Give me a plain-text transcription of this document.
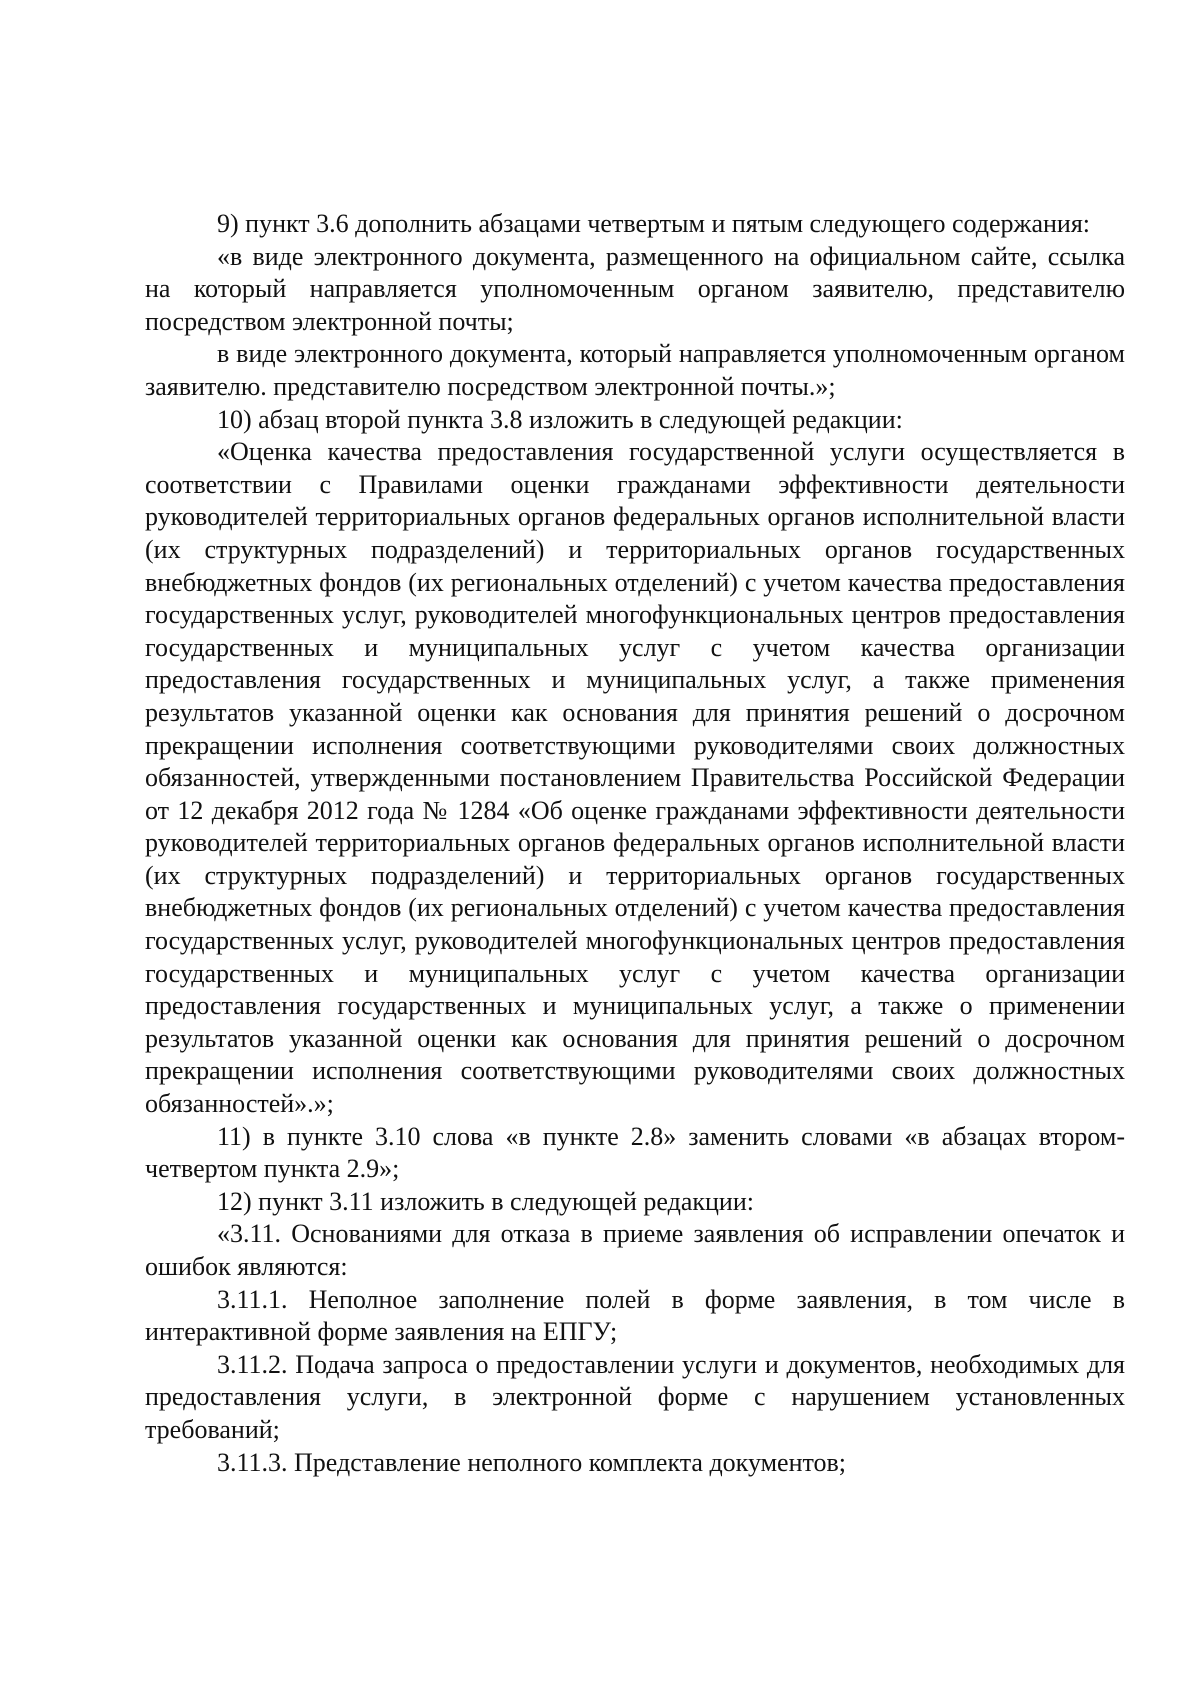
9) пункт 3.6 дополнить абзацами четвертым и пятым следующего содержания:

«в виде электронного документа, размещенного на официальном сайте, ссылка на который направляется уполномоченным органом заявителю, представителю посредством электронной почты;

в виде электронного документа, который направляется уполномоченным органом заявителю. представителю посредством электронной почты.»;

10) абзац второй пункта 3.8 изложить в следующей редакции:

«Оценка качества предоставления государственной услуги осуществляется в соответствии с Правилами оценки гражданами эффективности деятельности руководителей территориальных органов федеральных органов исполнительной власти (их структурных подразделений) и территориальных органов государственных внебюджетных фондов (их региональных отделений) с учетом качества предоставления государственных услуг, руководителей многофункциональных центров предоставления государственных и муниципальных услуг с учетом качества организации предоставления государственных и муниципальных услуг, а также применения результатов указанной оценки как основания для принятия решений о досрочном прекращении исполнения соответствующими руководителями своих должностных обязанностей, утвержденными постановлением Правительства Российской Федерации от 12 декабря 2012 года № 1284 «Об оценке гражданами эффективности деятельности руководителей территориальных органов федеральных органов исполнительной власти (их структурных подразделений) и территориальных органов государственных внебюджетных фондов (их региональных отделений) с учетом качества предоставления государственных услуг, руководителей многофункциональных центров предоставления государственных и муниципальных услуг с учетом качества организации предоставления государственных и муниципальных услуг, а также о применении результатов указанной оценки как основания для принятия решений о досрочном прекращении исполнения соответствующими руководителями своих должностных обязанностей».»;

11) в пункте 3.10 слова «в пункте 2.8» заменить словами «в абзацах втором-четвертом пункта 2.9»;

12) пункт 3.11 изложить в следующей редакции:

«3.11. Основаниями для отказа в приеме заявления об исправлении опечаток и ошибок являются:

3.11.1. Неполное заполнение полей в форме заявления, в том числе в интерактивной форме заявления на ЕПГУ;

3.11.2. Подача запроса о предоставлении услуги и документов, необходимых для предоставления услуги, в электронной форме с нарушением установленных требований;

3.11.3. Представление неполного комплекта документов;
